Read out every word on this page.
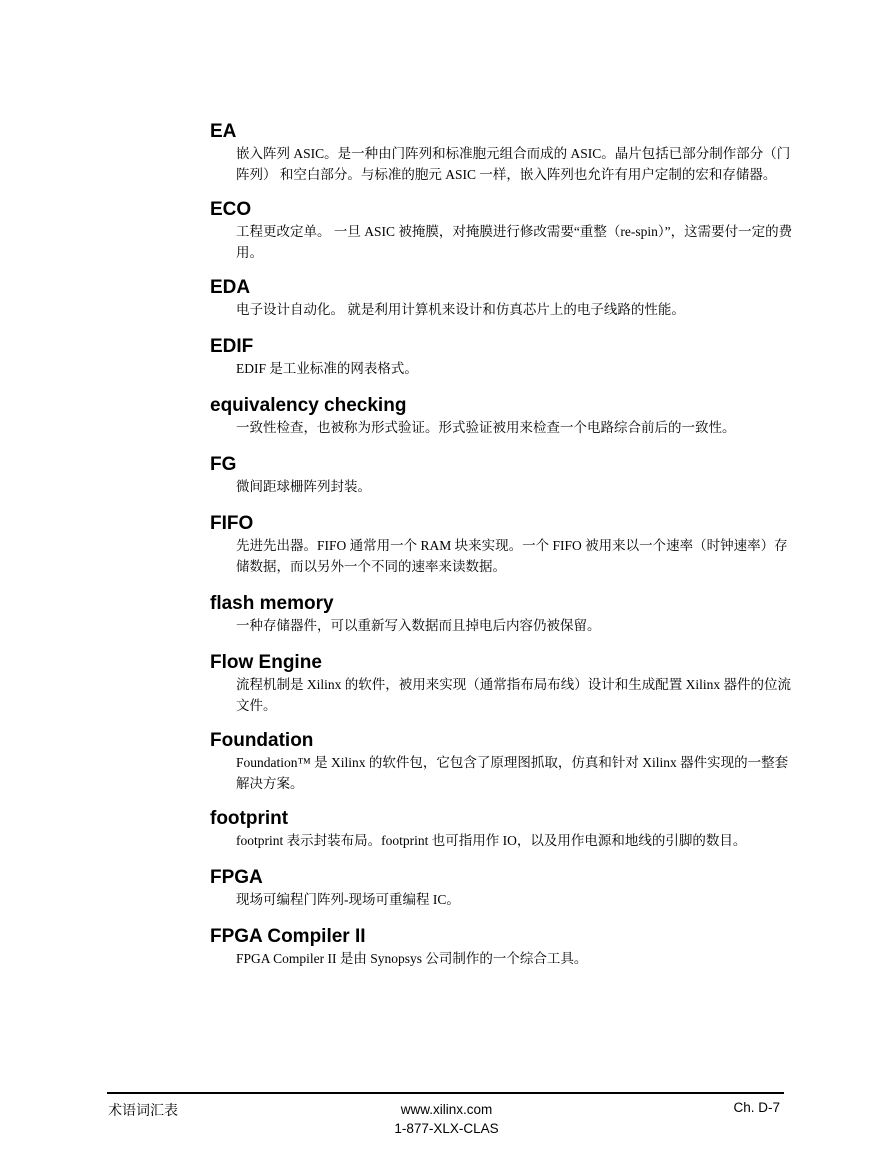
EA
嵌入阵列 ASIC。是一种由门阵列和标准胞元组合而成的 ASIC。晶片包括已部分制作部分（门阵列） 和空白部分。与标准的胞元 ASIC 一样，嵌入阵列也允许有用户定制的宏和存储器。
ECO
工程更改定单。 一旦 ASIC 被掩膜，对掩膜进行修改需要“重整（re-spin）”，这需要付一定的费用。
EDA
电子设计自动化。 就是利用计算机来设计和仿真芯片上的电子线路的性能。
EDIF
EDIF 是工业标准的网表格式。
equivalency checking
一致性检查，也被称为形式验证。形式验证被用来检查一个电路综合前后的一致性。
FG
微间距球栅阵列封装。
FIFO
先进先出器。FIFO 通常用一个 RAM 块来实现。一个 FIFO 被用来以一个速率（时钟速率）存储数据，而以另外一个不同的速率来读数据。
flash memory
一种存储器件，可以重新写入数据而且掉电后内容仍被保留。
Flow Engine
流程机制是 Xilinx 的软件，被用来实现（通常指布局布线）设计和生成配置 Xilinx 器件的位流文件。
Foundation
Foundation™ 是 Xilinx 的软件包，它包含了原理图抓取，仿真和针对 Xilinx 器件实现的一整套解决方案。
footprint
footprint 表示封装布局。footprint 也可指用作 IO，以及用作电源和地线的引脚的数目。
FPGA
现场可编程门阵列-现场可重编程 IC。
FPGA Compiler II
FPGA Compiler II 是由 Synopsys 公司制作的一个综合工具。
术语词汇表	www.xilinx.com
1-877-XLX-CLAS
Ch. D-7
